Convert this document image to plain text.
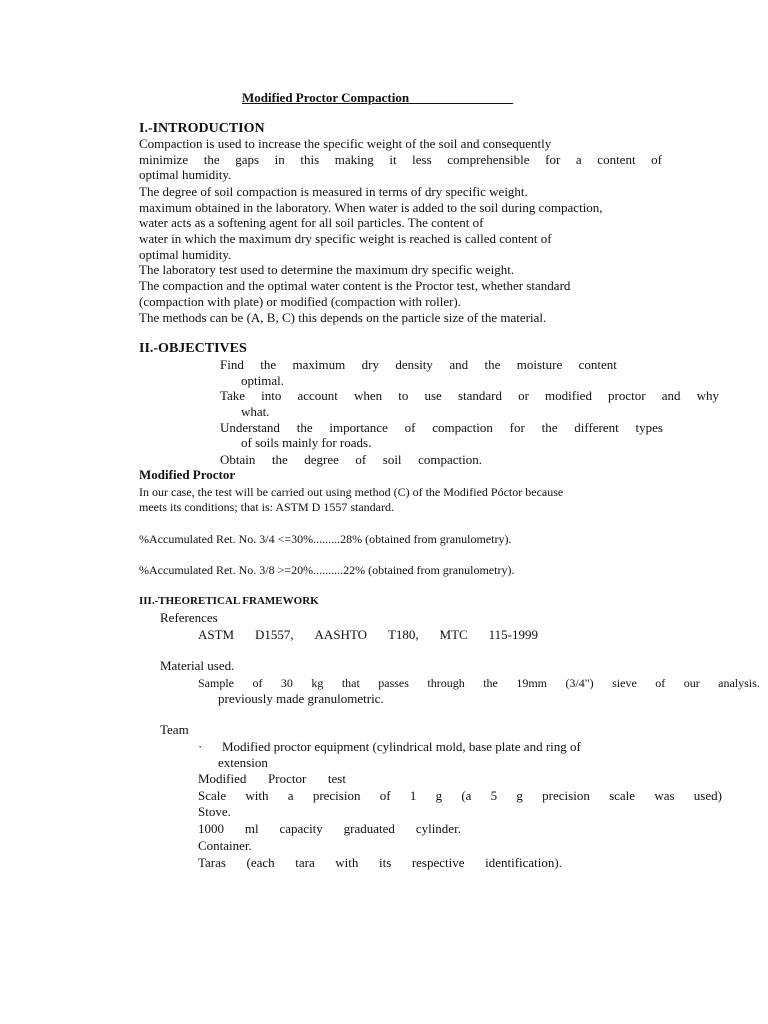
Modified Proctor Compaction________________
I.-INTRODUCTION
Compaction is used to increase the specific weight of the soil and consequently
minimize the gaps in this making it less comprehensible for a content of
optimal humidity.
The degree of soil compaction is measured in terms of dry specific weight.
maximum obtained in the laboratory. When water is added to the soil during compaction,
water acts as a softening agent for all soil particles. The content of
water in which the maximum dry specific weight is reached is called content of
optimal humidity.
The laboratory test used to determine the maximum dry specific weight.
The compaction and the optimal water content is the Proctor test, whether standard
(compaction with plate) or modified (compaction with roller).
The methods can be (A, B, C) this depends on the particle size of the material.
II.-OBJECTIVES
Find the maximum dry density and the moisture content
optimal.
Take into account when to use standard or modified proctor and why
what.
Understand the importance of compaction for the different types
of soils mainly for roads.
Obtain the degree of soil compaction.
Modified Proctor
In our case, the test will be carried out using method (C) of the Modified Póctor because
meets its conditions; that is: ASTM D 1557 standard.
%Accumulated Ret. No. 3/4 <=30%.........28% (obtained from granulometry).
%Accumulated Ret. No. 3/8 >=20%..........22% (obtained from granulometry).
III.-THEORETICAL FRAMEWORK
References
ASTM D1557, AASHTO T180, MTC 115-1999
Material used.
Sample of 30 kg that passes through the 19mm (3/4") sieve of our analysis.
previously made granulometric.
Team
· Modified proctor equipment (cylindrical mold, base plate and ring of
extension
Modified Proctor test
Scale with a precision of 1 g (a 5 g precision scale was used)
Stove.
1000 ml capacity graduated cylinder.
Container.
Taras (each tara with its respective identification).
